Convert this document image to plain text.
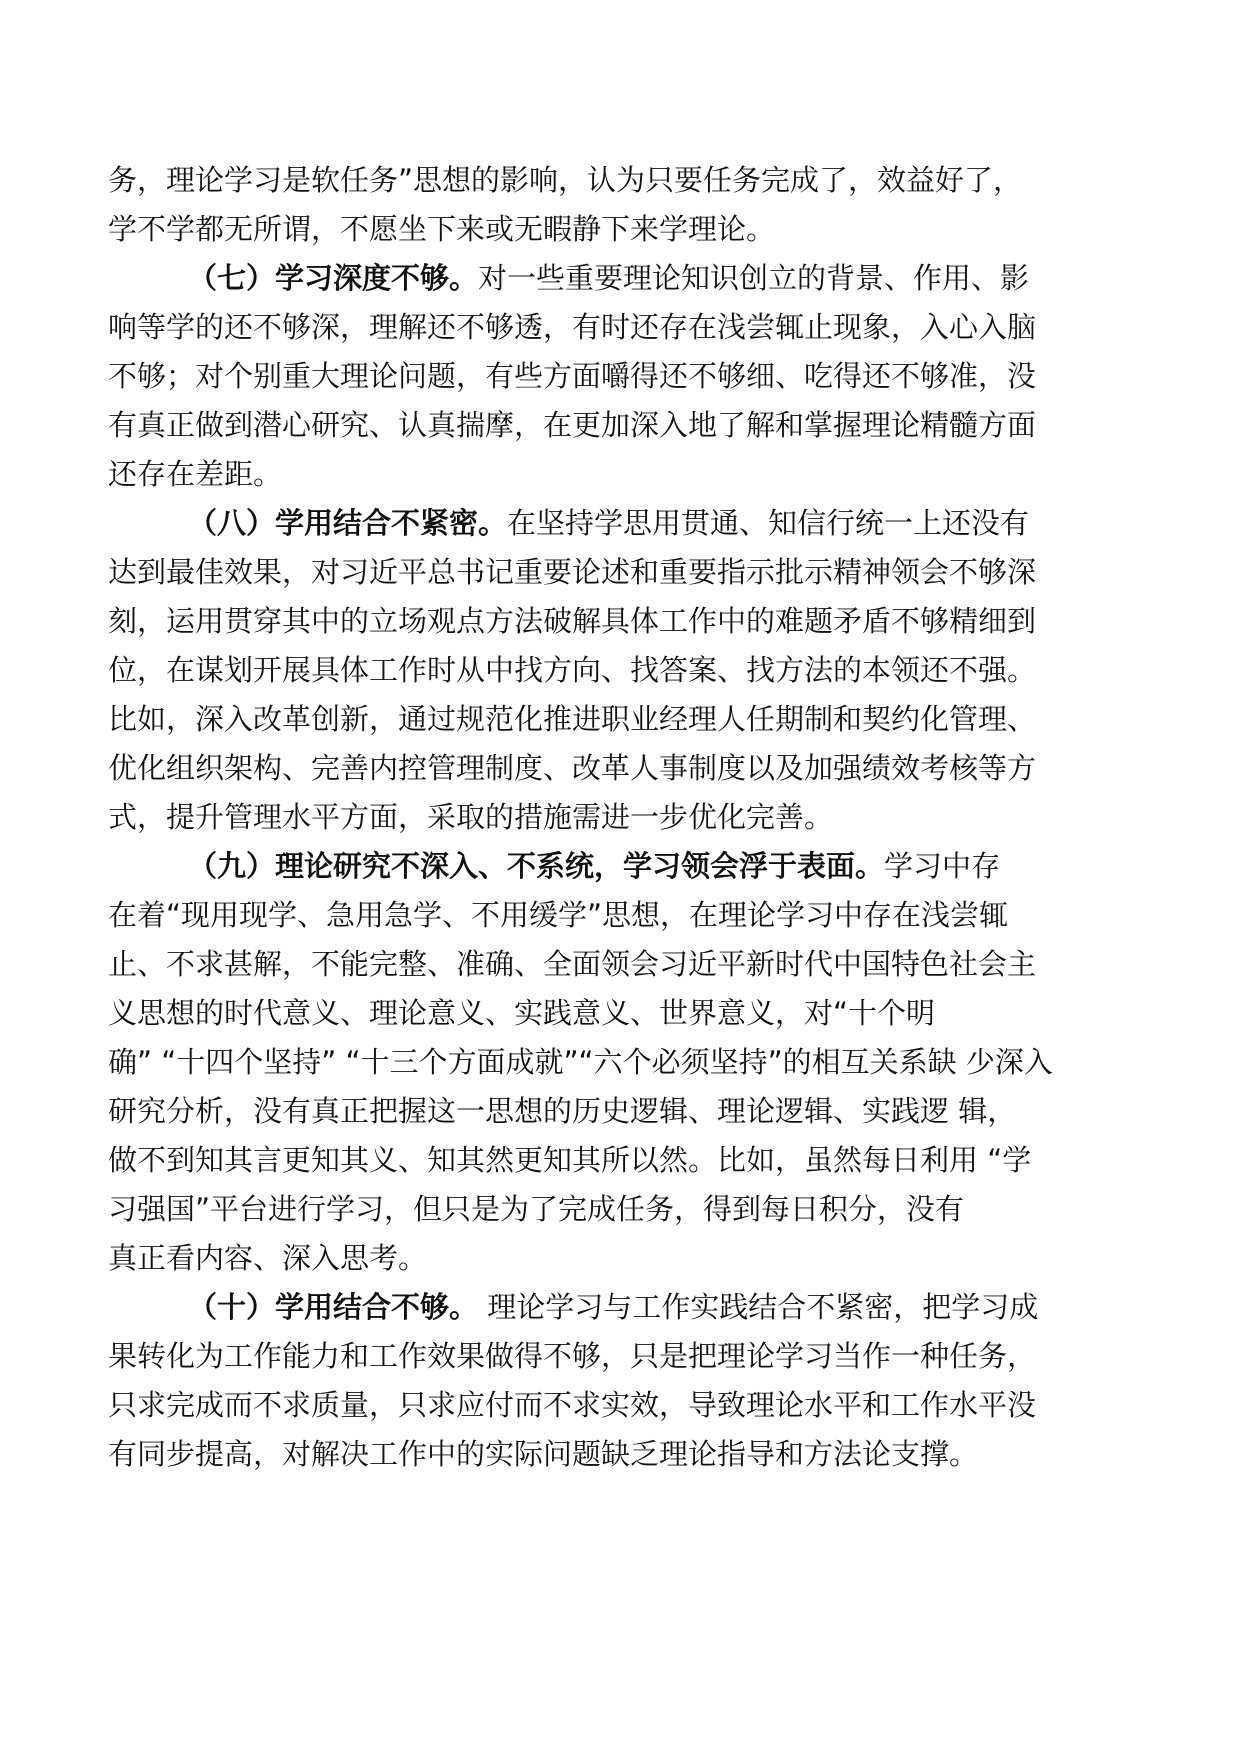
务，理论学习是软任务”思想的影响，认为只要任务完成了，效益好了，
学不学都无所谓，不愿坐下来或无暇静下来学理论。
（七）学习深度不够。对一些重要理论知识创立的背景、作用、影
响等学的还不够深，理解还不够透，有时还存在浅尝辄止现象，入心入脑
不够；对个别重大理论问题，有些方面嚼得还不够细、吃得还不够准，没
有真正做到潜心研究、认真揣摩，在更加深入地了解和掌握理论精髓方面
还存在差距。
（八）学用结合不紧密。在坚持学思用贯通、知信行统一上还没有
达到最佳效果，对习近平总书记重要论述和重要指示批示精神领会不够深
刻，运用贯穿其中的立场观点方法破解具体工作中的难题矛盾不够精细到
位，在谋划开展具体工作时从中找方向、找答案、找方法的本领还不强。
比如，深入改革创新，通过规范化推进职业经理人任期制和契约化管理、
优化组织架构、完善内控管理制度、改革人事制度以及加强绩效考核等方
式，提升管理水平方面，采取的措施需进一步优化完善。
（九）理论研究不深入、不系统，学习领会浮于表面。学习中存
在着“现用现学、急用急学、不用缓学”思想，在理论学习中存在浅尝辄
止、不求甚解，不能完整、准确、全面领会习近平新时代中国特色社会主
义思想的时代意义、理论意义、实践意义、世界意义，对“十个明
确” “十四个坚持” “十三个方面成就”“六个必须坚持”的相互关系缺 少深入
研究分析，没有真正把握这一思想的历史逻辑、理论逻辑、实践逻 辑，
做不到知其言更知其义、知其然更知其所以然。比如，虽然每日利用 “学
习强国”平台进行学习，但只是为了完成任务，得到每日积分，没有
真正看内容、深入思考。
（十）学用结合不够。 理论学习与工作实践结合不紧密，把学习成
果转化为工作能力和工作效果做得不够，只是把理论学习当作一种任务，
只求完成而不求质量，只求应付而不求实效，导致理论水平和工作水平没
有同步提高，对解决工作中的实际问题缺乏理论指导和方法论支撑。
